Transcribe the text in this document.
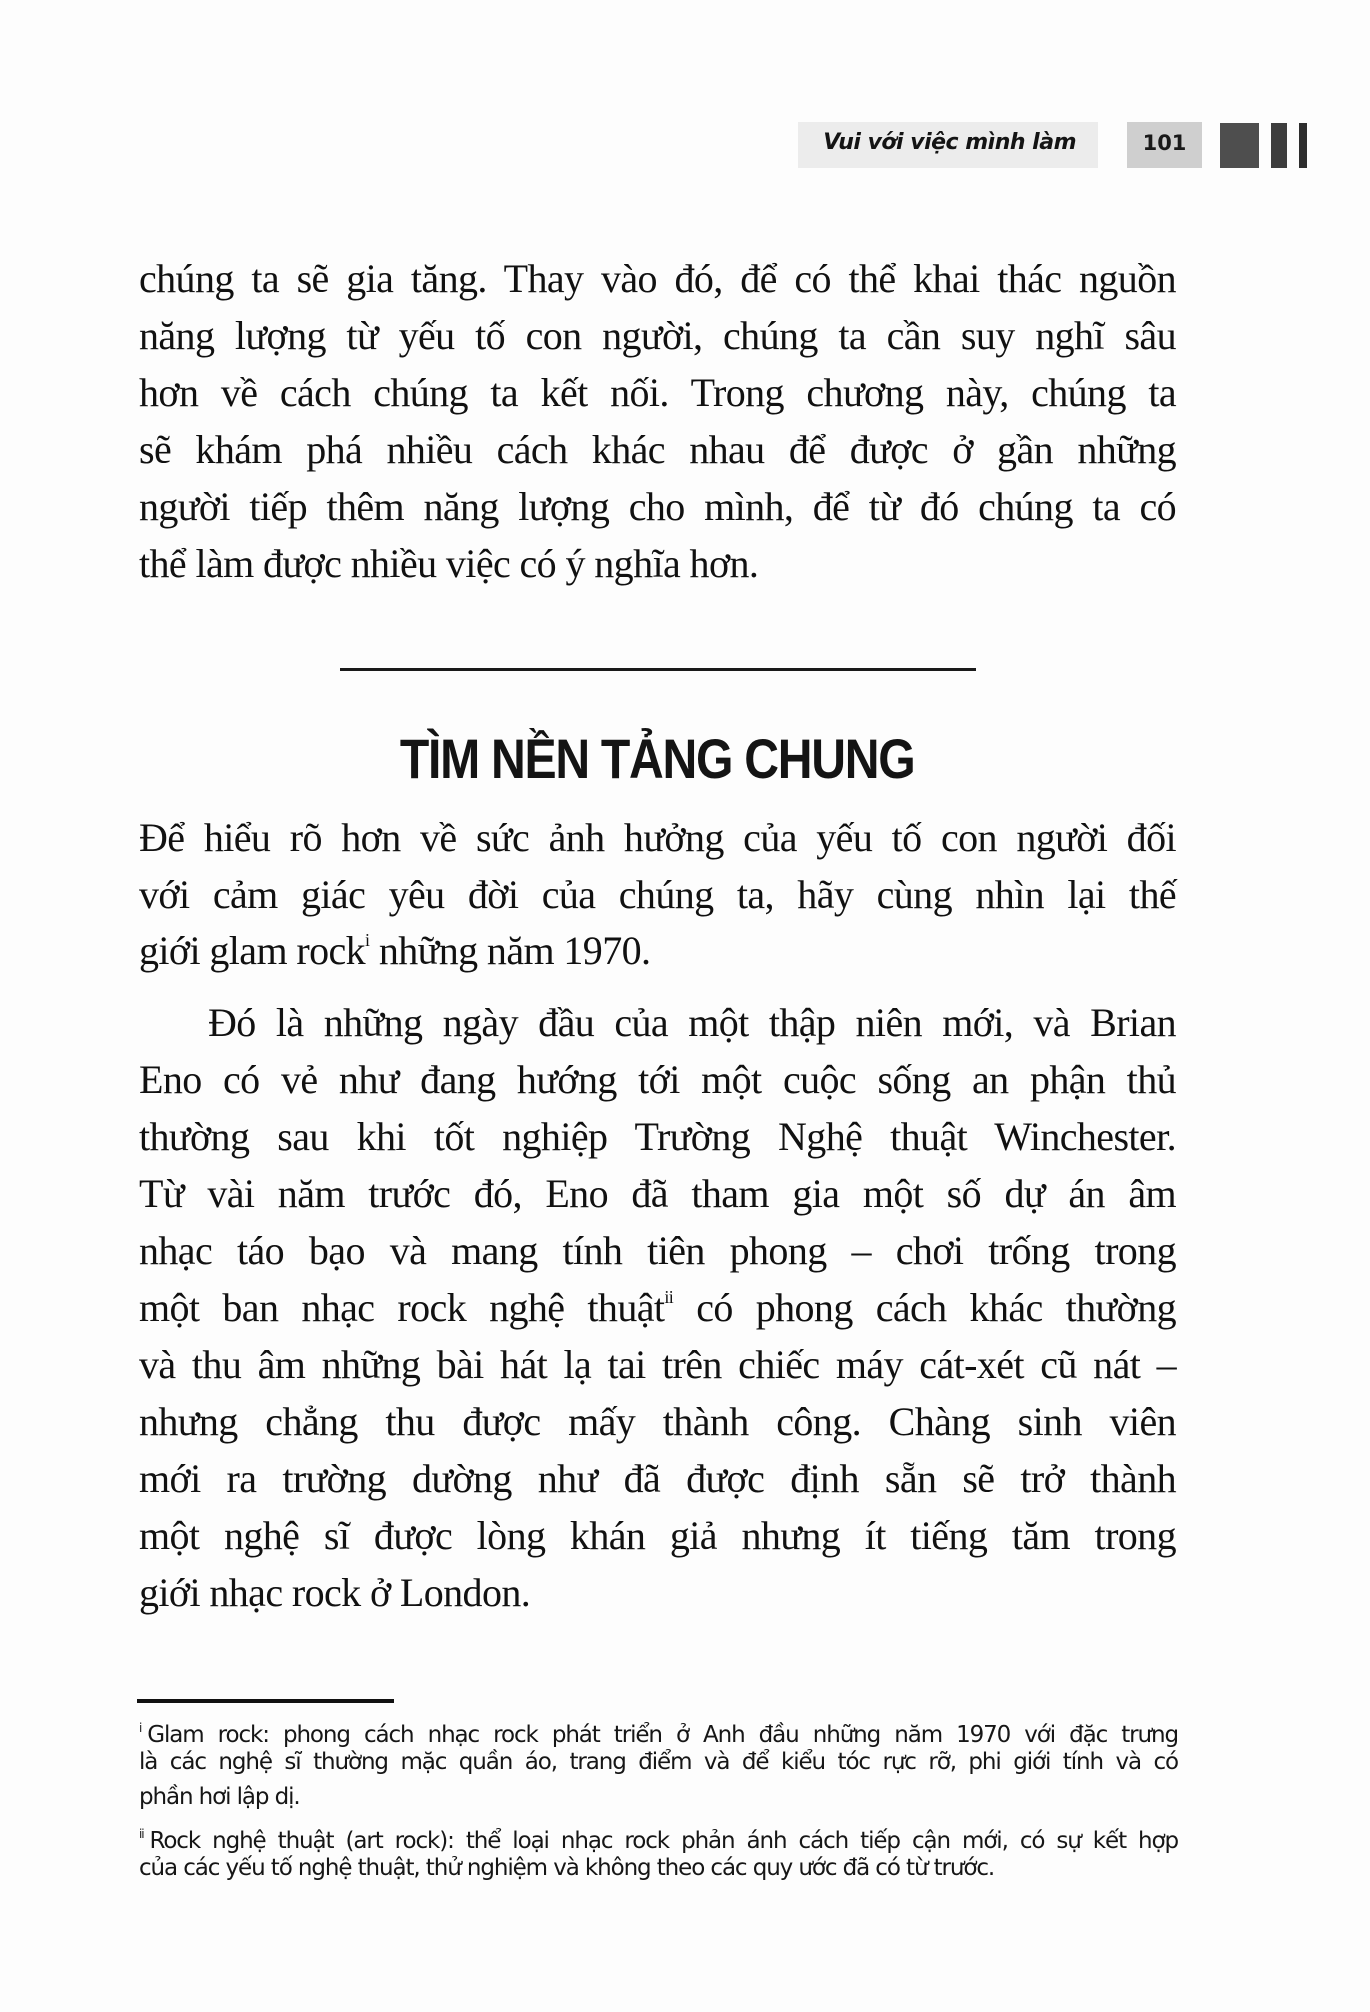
Vui với việc mình làm	101
chúng ta sẽ gia tăng. Thay vào đó, để có thể khai thác nguồn
năng lượng từ yếu tố con người, chúng ta cần suy nghĩ sâu
hơn về cách chúng ta kết nối. Trong chương này, chúng ta
sẽ khám phá nhiều cách khác nhau để được ở gần những
người tiếp thêm năng lượng cho mình, để từ đó chúng ta có
thể làm được nhiều việc có ý nghĩa hơn.
TÌM NỀN TẢNG CHUNG
Để hiểu rõ hơn về sức ảnh hưởng của yếu tố con người đối
với cảm giác yêu đời của chúng ta, hãy cùng nhìn lại thế
giới glam rock$^i$ những năm 1970.
Đó là những ngày đầu của một thập niên mới, và Brian
Eno có vẻ như đang hướng tới một cuộc sống an phận thủ
thường sau khi tốt nghiệp Trường Nghệ thuật Winchester.
Từ vài năm trước đó, Eno đã tham gia một số dự án âm
nhạc táo bạo và mang tính tiên phong – chơi trống trong
một ban nhạc rock nghệ thuật$^{ii}$ có phong cách khác thường
và thu âm những bài hát lạ tai trên chiếc máy cát-xét cũ nát –
nhưng chẳng thu được mấy thành công. Chàng sinh viên
mới ra trường dường như đã được định sẵn sẽ trở thành
một nghệ sĩ được lòng khán giả nhưng ít tiếng tăm trong
giới nhạc rock ở London.
$^i$ Glam rock: phong cách nhạc rock phát triển ở Anh đầu những năm 1970 với đặc trưng
là các nghệ sĩ thường mặc quần áo, trang điểm và để kiểu tóc rực rỡ, phi giới tính và có
phần hơi lập dị.
$^{ii}$ Rock nghệ thuật (art rock): thể loại nhạc rock phản ánh cách tiếp cận mới, có sự kết hợp
của các yếu tố nghệ thuật, thử nghiệm và không theo các quy ước đã có từ trước.
